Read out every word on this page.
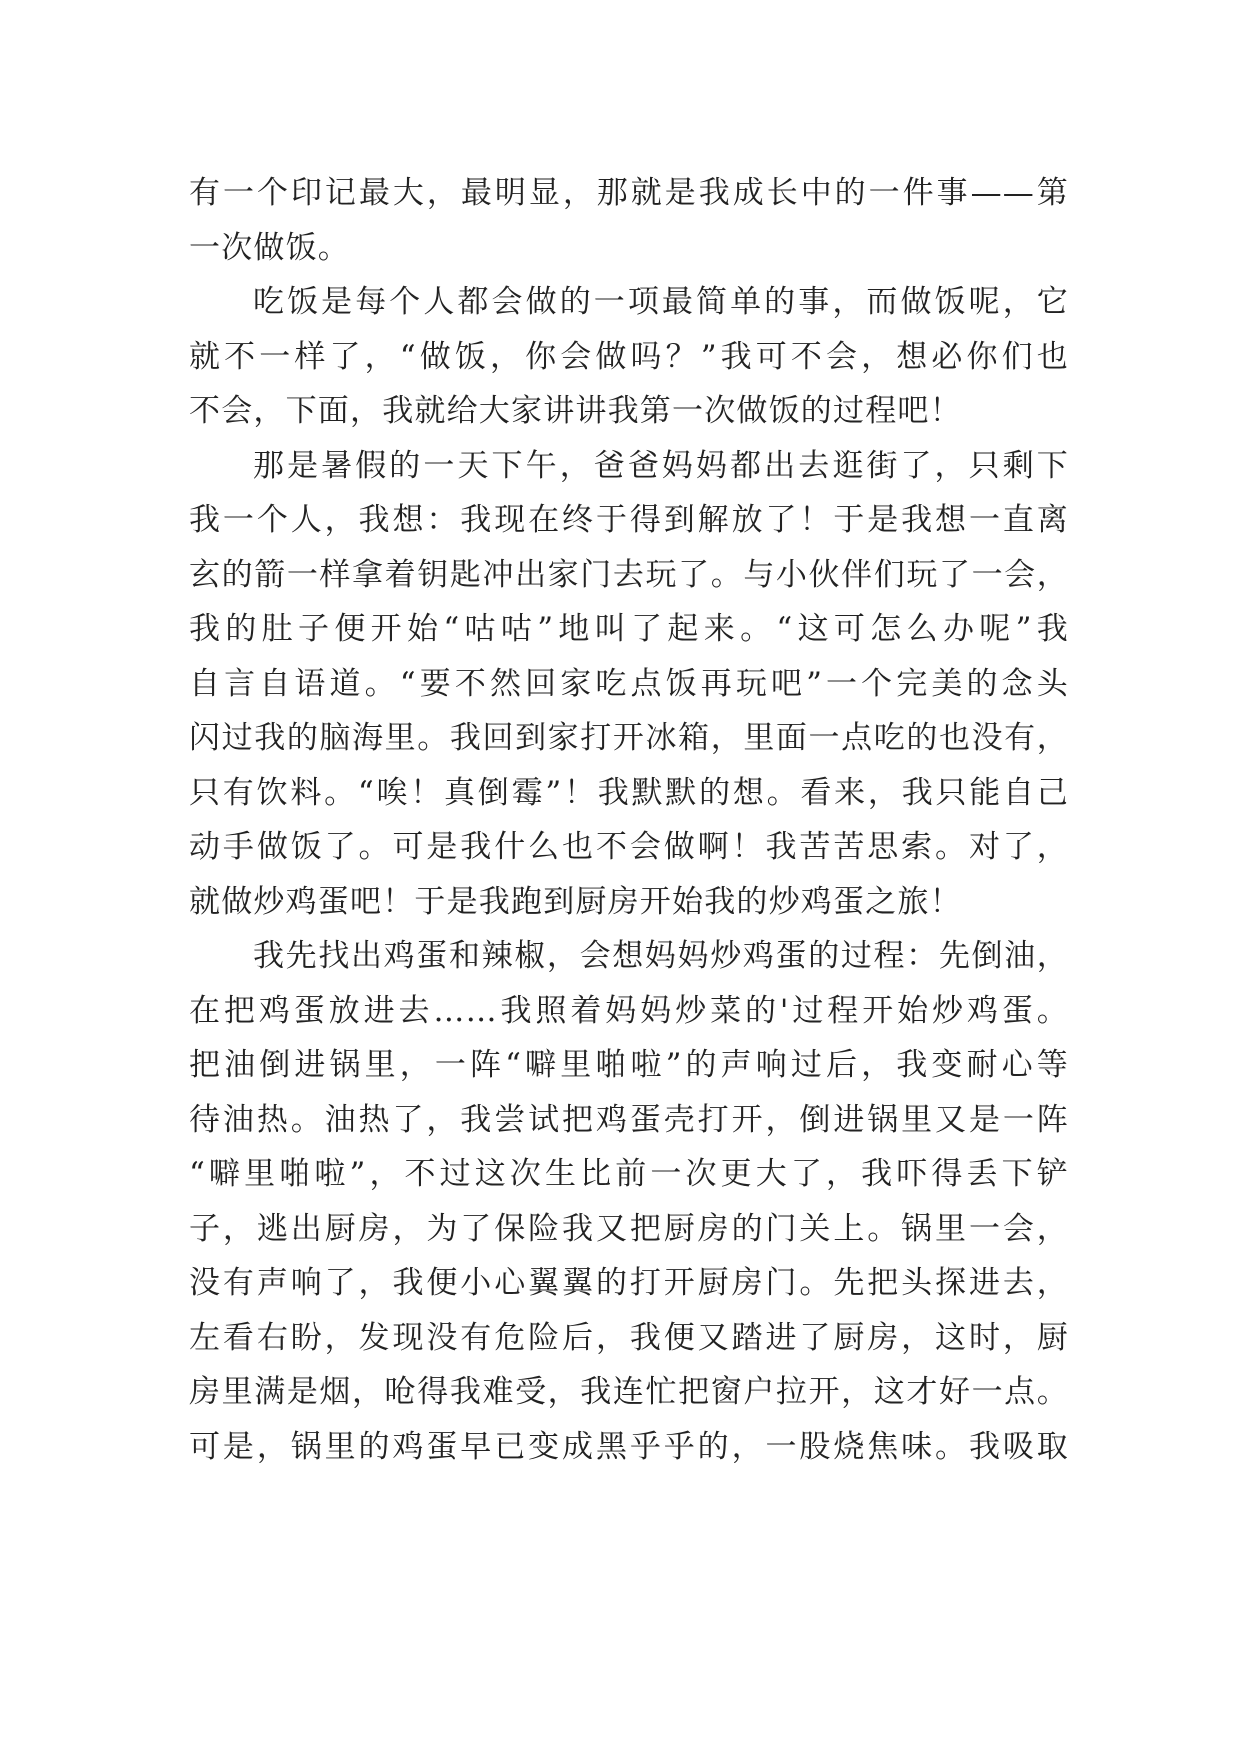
有一个印记最大，最明显，那就是我成长中的一件事——第
一次做饭。
吃饭是每个人都会做的一项最简单的事，而做饭呢，它
就不一样了，“做饭，你会做吗？”我可不会，想必你们也
不会，下面，我就给大家讲讲我第一次做饭的过程吧！
那是暑假的一天下午，爸爸妈妈都出去逛街了，只剩下
我一个人，我想：我现在终于得到解放了！于是我想一直离
玄的箭一样拿着钥匙冲出家门去玩了。与小伙伴们玩了一会，
我的肚子便开始“咕咕”地叫了起来。“这可怎么办呢”我
自言自语道。“要不然回家吃点饭再玩吧”一个完美的念头
闪过我的脑海里。我回到家打开冰箱，里面一点吃的也没有，
只有饮料。“唉！真倒霉”！我默默的想。看来，我只能自己
动手做饭了。可是我什么也不会做啊！我苦苦思索。对了，
就做炒鸡蛋吧！于是我跑到厨房开始我的炒鸡蛋之旅！
我先找出鸡蛋和辣椒，会想妈妈炒鸡蛋的过程：先倒油，
在把鸡蛋放进去……我照着妈妈炒菜的'过程开始炒鸡蛋。
把油倒进锅里，一阵“噼里啪啦”的声响过后，我变耐心等
待油热。油热了，我尝试把鸡蛋壳打开，倒进锅里又是一阵
“噼里啪啦”，不过这次生比前一次更大了，我吓得丢下铲
子，逃出厨房，为了保险我又把厨房的门关上。锅里一会，
没有声响了，我便小心翼翼的打开厨房门。先把头探进去，
左看右盼，发现没有危险后，我便又踏进了厨房，这时，厨
房里满是烟，呛得我难受，我连忙把窗户拉开，这才好一点。
可是，锅里的鸡蛋早已变成黑乎乎的，一股烧焦味。我吸取
